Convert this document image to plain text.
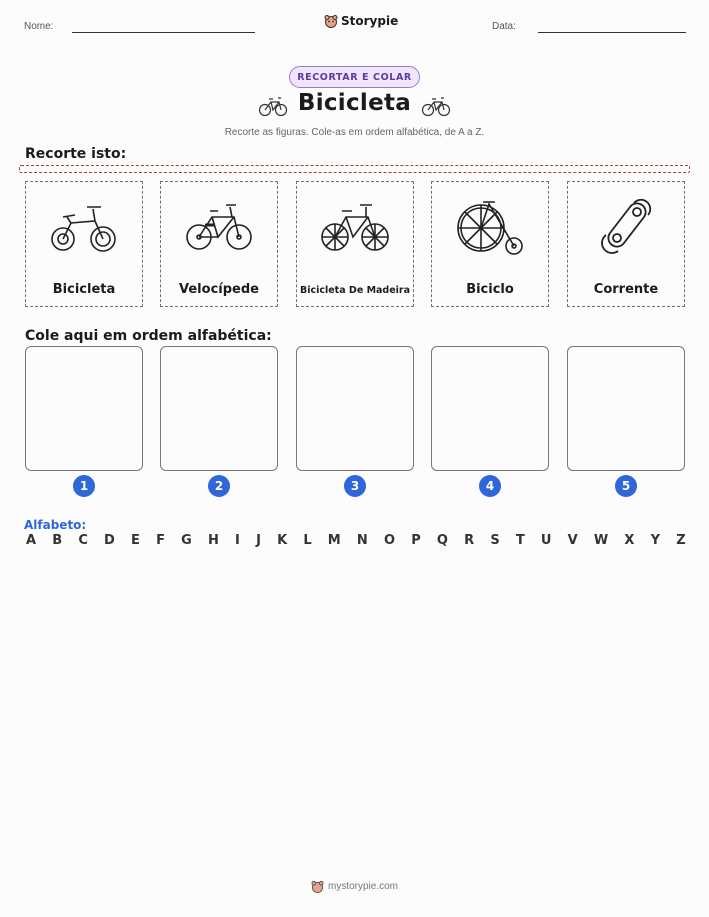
Nome:	Storypie	Data:
RECORTAR E COLAR
Bicicleta
Recorte as figuras. Cole-as em ordem alfabética, de A a Z.
Recorte isto:
Bicicleta	Velocípede	Bicicleta De Madeira	Biciclo	Corrente
Cole aqui em ordem alfabética:
1	2	3	4	5
Alfabeto:
A B C D E F G H I J K L M N O P Q R S T U V W X Y Z
mystorypie.com
